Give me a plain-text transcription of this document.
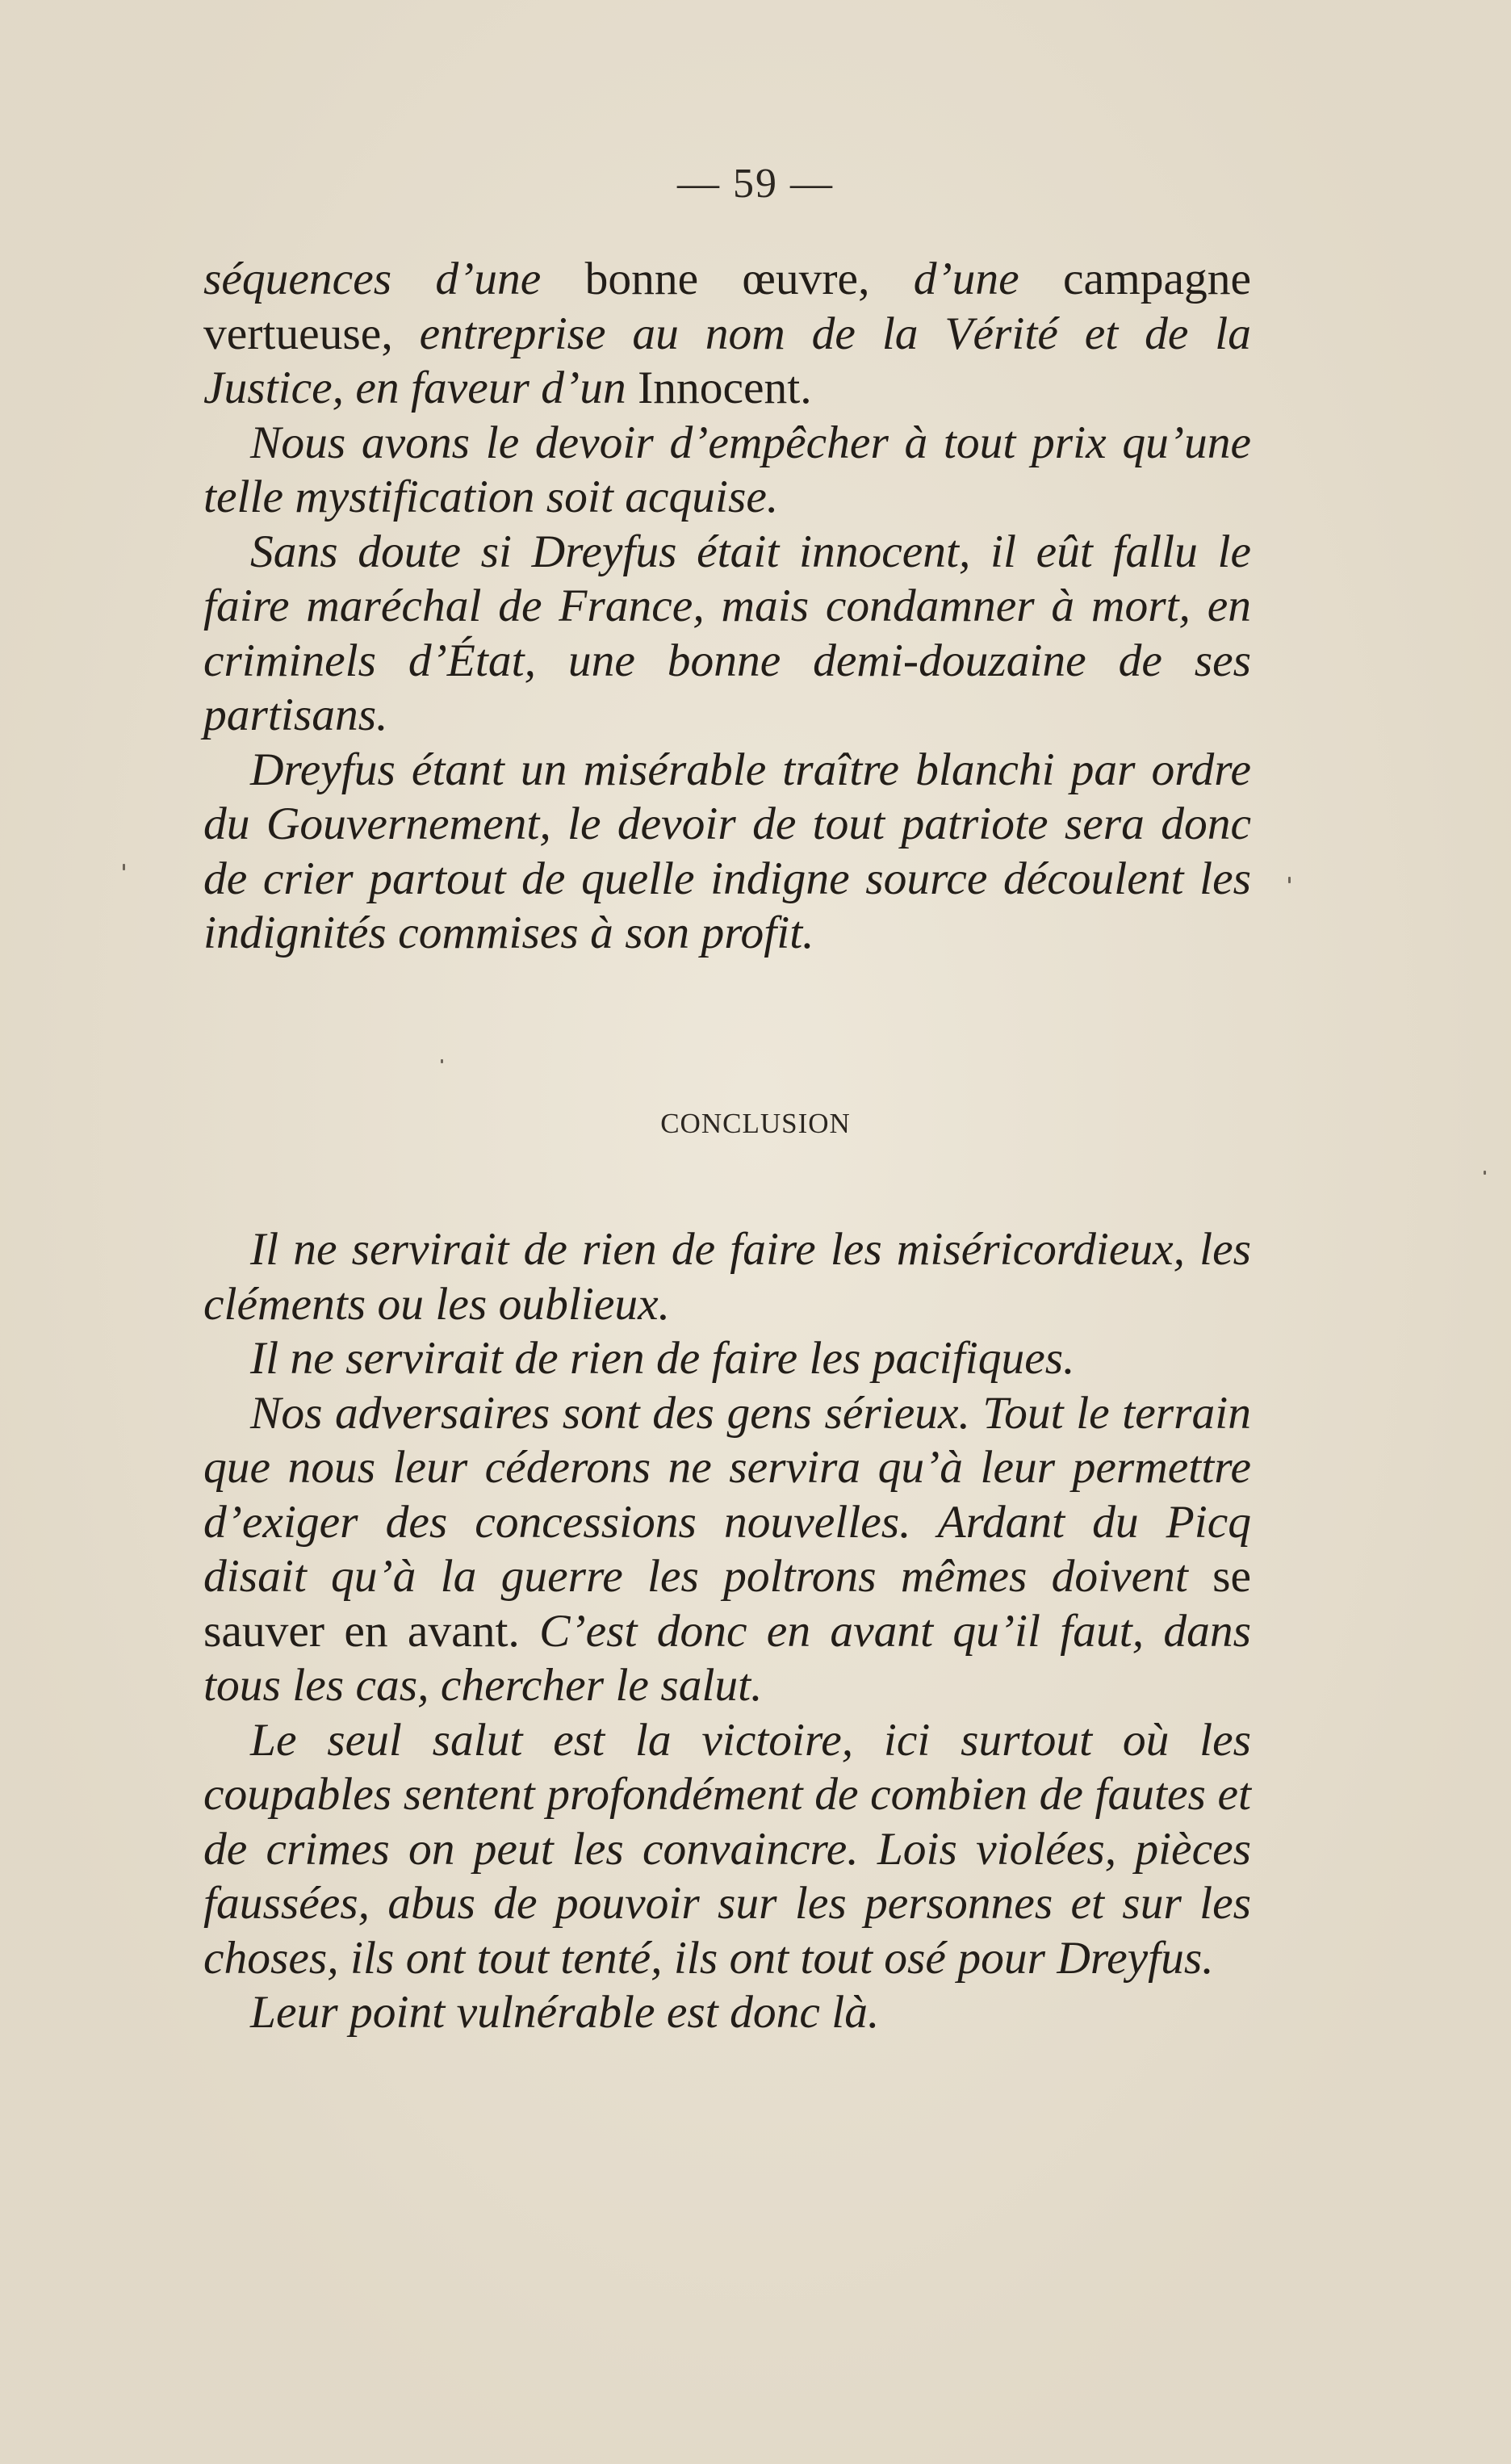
— 59 —

séquences d’une bonne œuvre, d’une campagne vertueuse, entreprise au nom de la Vérité et de la Justice, en faveur d’un Innocent.

Nous avons le devoir d’empêcher à tout prix qu’une telle mystification soit acquise.

Sans doute si Dreyfus était innocent, il eût fallu le faire maréchal de France, mais condamner à mort, en criminels d’État, une bonne demi-douzaine de ses partisans.

Dreyfus étant un misérable traître blanchi par ordre du Gouvernement, le devoir de tout patriote sera donc de crier partout de quelle indigne source découlent les indignités commises à son profit.

CONCLUSION

Il ne servirait de rien de faire les miséricordieux, les cléments ou les oublieux.

Il ne servirait de rien de faire les pacifiques.

Nos adversaires sont des gens sérieux. Tout le terrain que nous leur céderons ne servira qu’à leur permettre d’exiger des concessions nouvelles. Ardant du Picq disait qu’à la guerre les poltrons mêmes doivent se sauver en avant. C’est donc en avant qu’il faut, dans tous les cas, chercher le salut.

Le seul salut est la victoire, ici surtout où les coupables sentent profondément de combien de fautes et de crimes on peut les convaincre. Lois violées, pièces faussées, abus de pouvoir sur les personnes et sur les choses, ils ont tout tenté, ils ont tout osé pour Dreyfus.

Leur point vulnérable est donc là.
